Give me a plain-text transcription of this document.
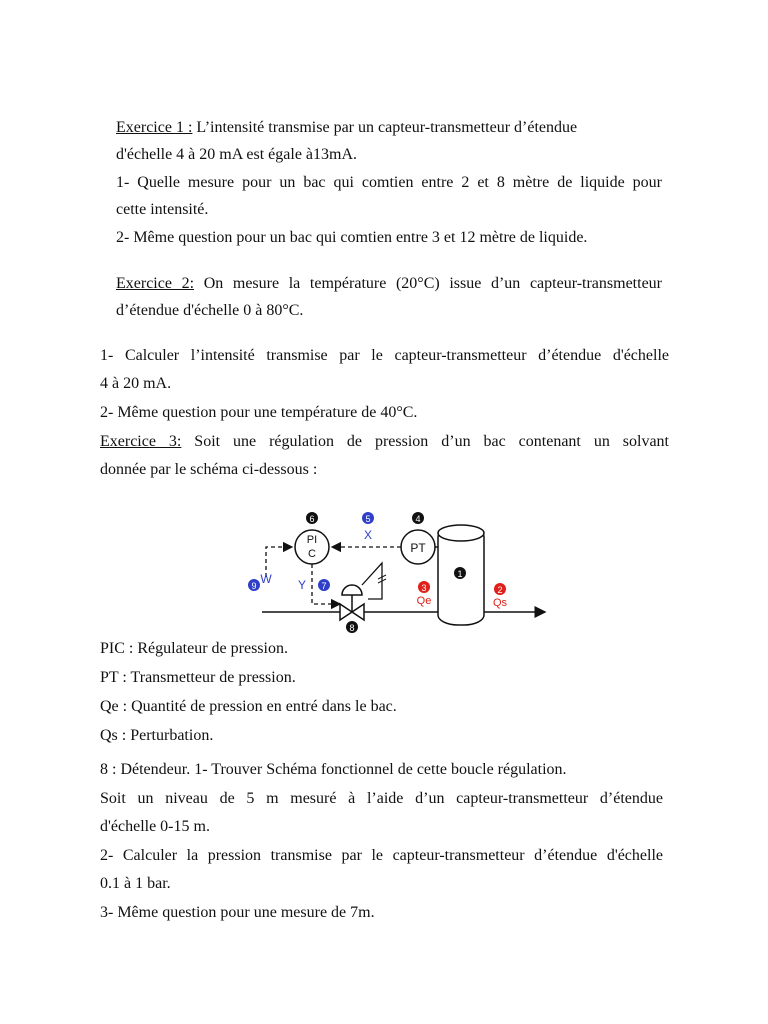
Exercice 1 : L’intensité transmise par un capteur-transmetteur d’étendue
d'échelle 4 à 20 mA est égale à13mA.
1- Quelle mesure pour un bac qui comtien entre 2 et 8 mètre de liquide pour
cette intensité.
2- Même question pour un bac qui comtien entre 3 et 12 mètre de liquide.
Exercice 2: On mesure la température (20°C) issue d’un capteur-transmetteur
d’étendue d'échelle 0 à 80°C.
1- Calculer l’intensité transmise par le capteur-transmetteur d’étendue d'échelle
4 à 20 mA.
2- Même question pour une température de 40°C.
Exercice 3: Soit une régulation de pression d’un bac contenant un solvant
donnée par le schéma ci-dessous :
PT
PI
C
6	5
X
4
1
3
Qe
2
Qs
9 W Y 7
8
PIC : Régulateur de pression.
PT : Transmetteur de pression.
Qe : Quantité de pression en entré dans le bac.
Qs : Perturbation.
8 : Détendeur. 1- Trouver Schéma fonctionnel de cette boucle régulation.
Soit un niveau de 5 m mesuré à l’aide d’un capteur-transmetteur d’étendue
d'échelle 0-15 m.
2- Calculer la pression transmise par le capteur-transmetteur d’étendue d'échelle
0.1 à 1 bar.
3- Même question pour une mesure de 7m.
